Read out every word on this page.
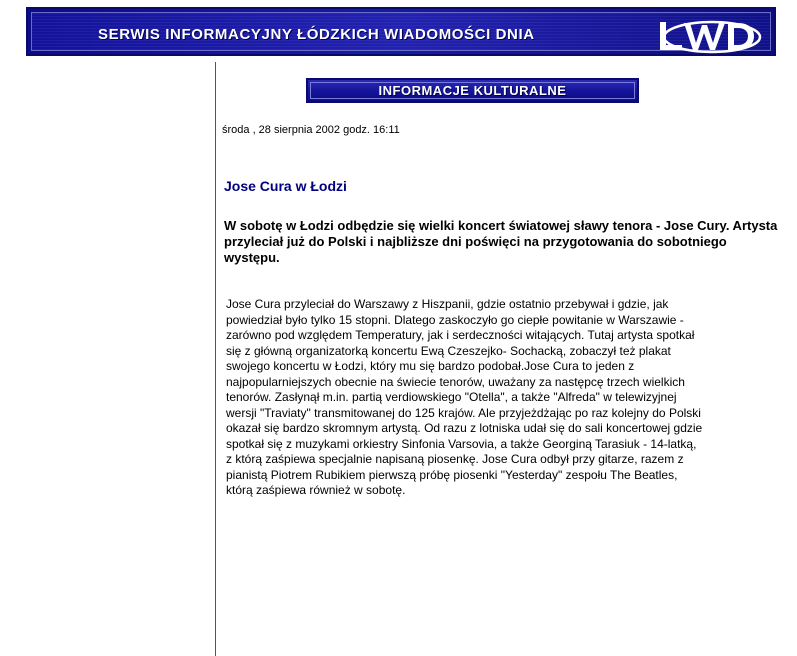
SERWIS INFORMACYJNY ŁÓDZKICH WIADOMOŚCI DNIA
INFORMACJE KULTURALNE
środa , 28 sierpnia 2002 godz. 16:11
Jose Cura w Łodzi
W sobotę w Łodzi odbędzie się wielki koncert światowej sławy tenora - Jose Cury. Artysta przyleciał już do Polski i najbliższe dni poświęci na przygotowania do sobotniego występu.

Jose Cura przyleciał do Warszawy z Hiszpanii, gdzie ostatnio przebywał i gdzie, jak

powiedział było tylko 15 stopni. Dlatego zaskoczyło go ciepłe powitanie w Warszawie -

zarówno pod względem Temperatury, jak i serdeczności witających. Tutaj artysta spotkał

się z główną organizatorką koncertu Ewą Czeszejko- Sochacką, zobaczył też plakat

swojego koncertu w Łodzi, który mu się bardzo podobał.Jose Cura to jeden z

najpopularniejszych obecnie na świecie tenorów, uważany za następcę trzech wielkich

tenorów. Zasłynął m.in. partią verdiowskiego "Otella", a także "Alfreda" w telewizyjnej

wersji "Traviaty" transmitowanej do 125 krajów. Ale przyjeżdżając po raz kolejny do Polski

okazał się bardzo skromnym artystą. Od razu z lotniska udał się do sali koncertowej gdzie

spotkał się z muzykami orkiestry Sinfonia Varsovia, a także Georginą Tarasiuk - 14-latką,

z którą zaśpiewa specjalnie napisaną piosenkę. Jose Cura odbył przy gitarze, razem z

pianistą Piotrem Rubikiem pierwszą próbę piosenki "Yesterday" zespołu The Beatles,

którą zaśpiewa również w sobotę.
